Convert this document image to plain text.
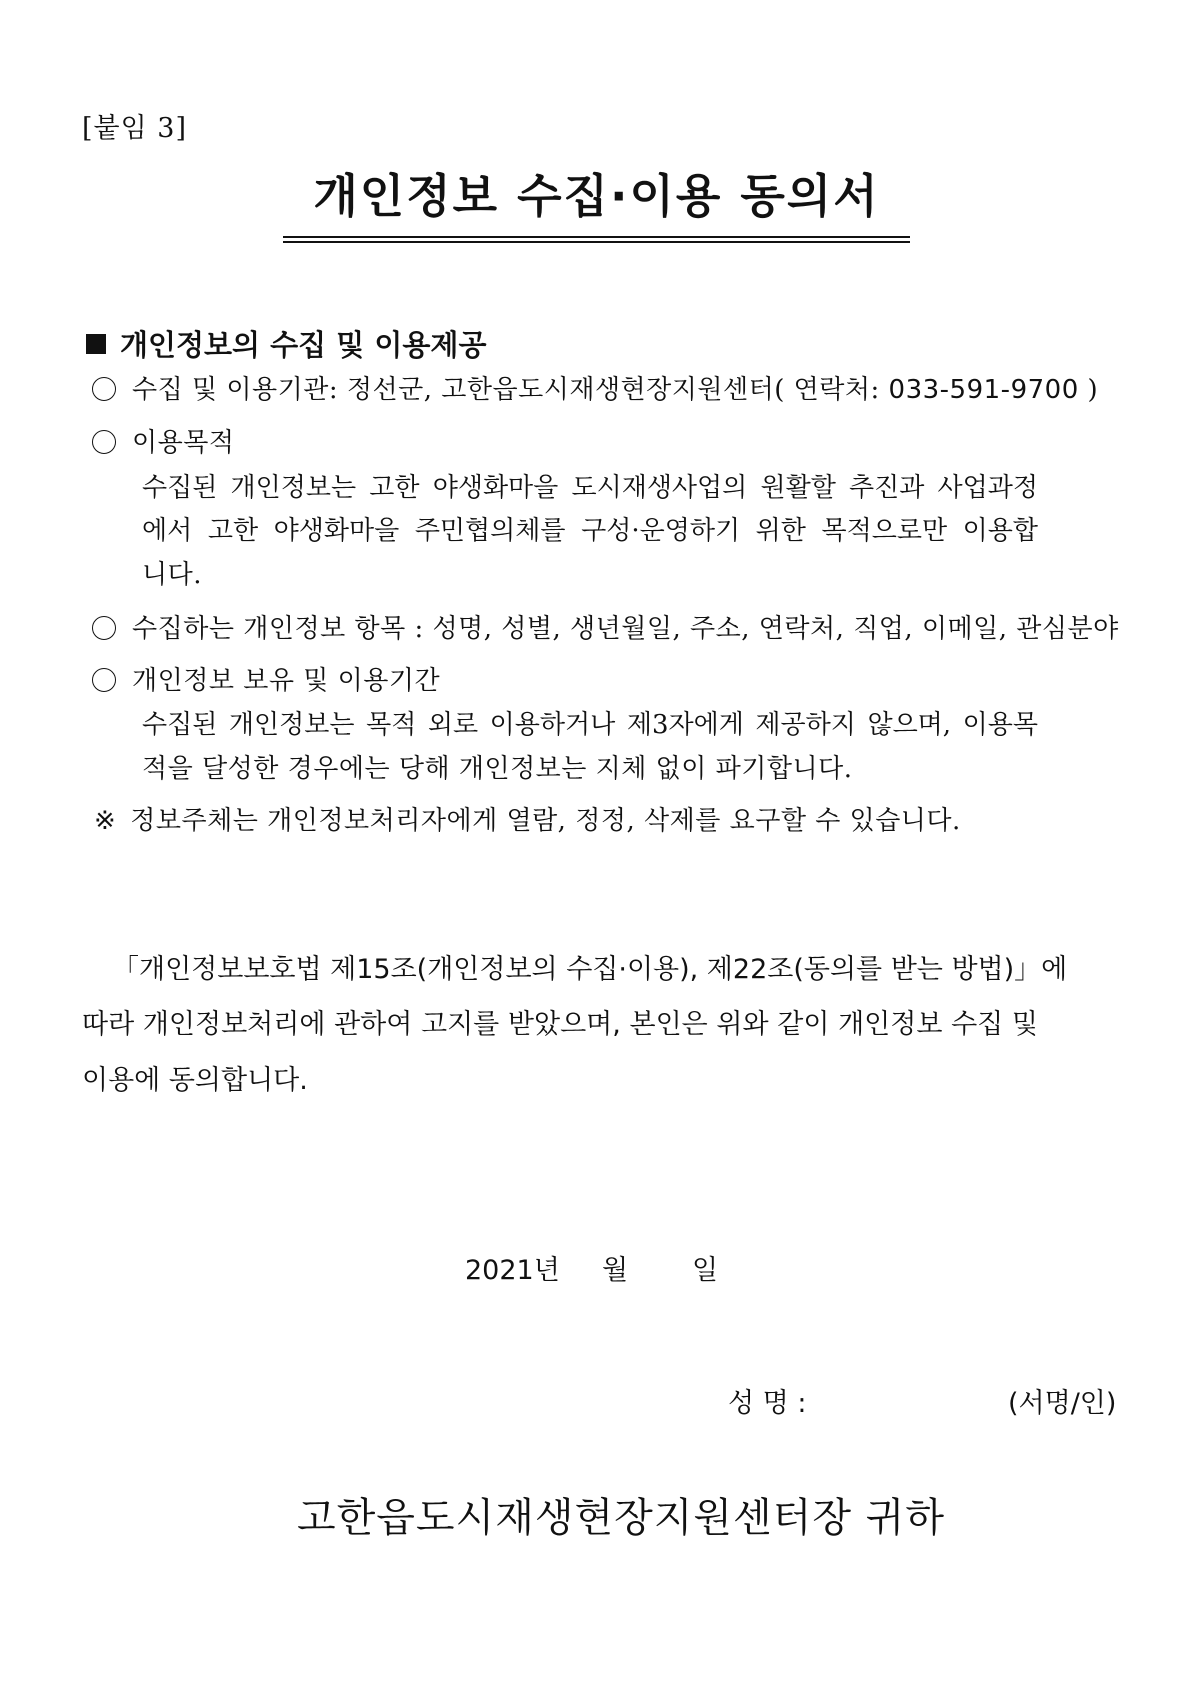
[붙임 3]
개인정보 수집·이용 동의서
개인정보의 수집 및 이용제공
수집 및 이용기관: 정선군, 고한읍도시재생현장지원센터( 연락처: 033-591-9700 )
이용목적
수집된 개인정보는 고한 야생화마을 도시재생사업의 원활할 추진과 사업과정
에서 고한 야생화마을 주민협의체를 구성·운영하기 위한 목적으로만 이용합
니다.
수집하는 개인정보 항목 : 성명, 성별, 생년월일, 주소, 연락처, 직업, 이메일, 관심분야
개인정보 보유 및 이용기간
수집된 개인정보는 목적 외로 이용하거나 제3자에게 제공하지 않으며, 이용목
적을 달성한 경우에는 당해 개인정보는 지체 없이 파기합니다.
※ 정보주체는 개인정보처리자에게 열람, 정정, 삭제를 요구할 수 있습니다.
「개인정보보호법 제15조(개인정보의 수집·이용), 제22조(동의를 받는 방법)」에
따라 개인정보처리에 관하여 고지를 받았으며, 본인은 위와 같이 개인정보 수집 및
이용에 동의합니다.
2021년 월 일
성 명 :	(서명/인)
고한읍도시재생현장지원센터장 귀하
